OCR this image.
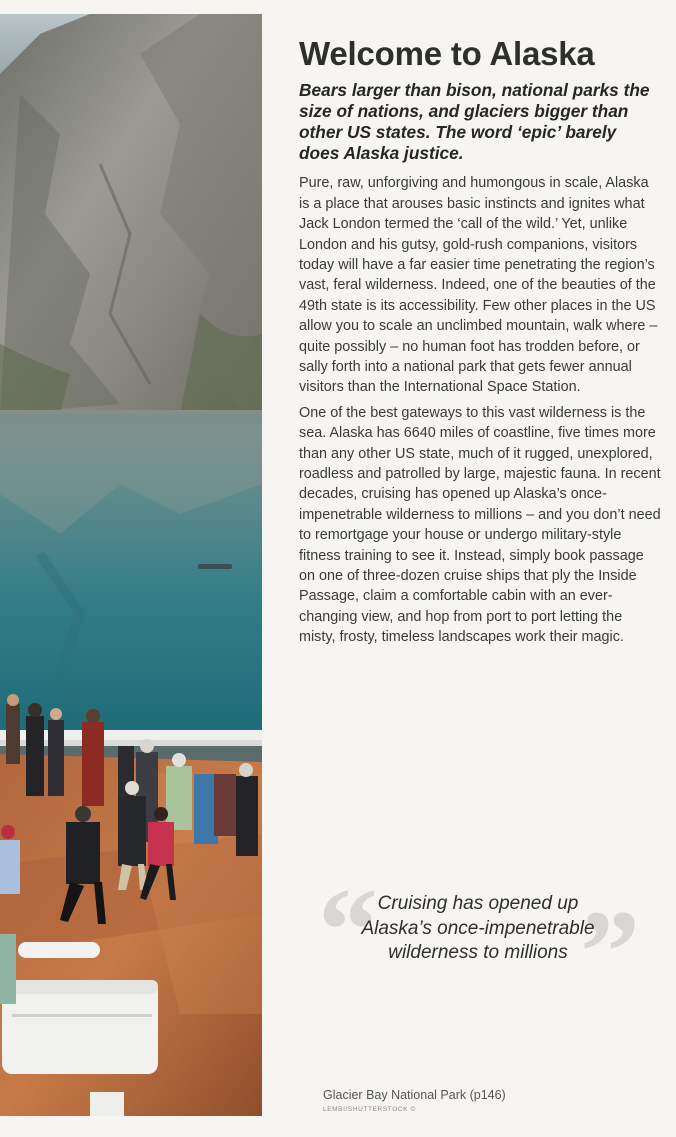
Welcome to Alaska

Bears larger than bison, national parks the size of nations, and glaciers bigger than other US states. The word ‘epic’ barely does Alaska justice.

Pure, raw, unforgiving and humongous in scale, Alaska is a place that arouses basic instincts and ignites what Jack London termed the ‘call of the wild.’ Yet, unlike London and his gutsy, gold-rush companions, visitors today will have a far easier time penetrating the region’s vast, feral wilderness. Indeed, one of the beauties of the 49th state is its accessibility. Few other places in the US allow you to scale an unclimbed mountain, walk where – quite possibly – no human foot has trodden before, or sally forth into a national park that gets fewer annual visitors than the International Space Station.

One of the best gateways to this vast wilderness is the sea. Alaska has 6640 miles of coastline, five times more than any other US state, much of it rugged, unexplored, roadless and patrolled by large, majestic fauna. In recent decades, cruising has opened up Alaska’s once-impenetrable wilderness to millions – and you don’t need to remortgage your house or undergo military-style fitness training to see it. Instead, simply book passage on one of three-dozen cruise ships that ply the Inside Passage, claim a comfortable cabin with an ever-changing view, and hop from port to port letting the misty, frosty, timeless landscapes work their magic.

“ ”
Cruising has opened up
Alaska’s once-impenetrable
wilderness to millions
Glacier Bay National Park (p146)
LEMBI/SHUTTERSTOCK ©
